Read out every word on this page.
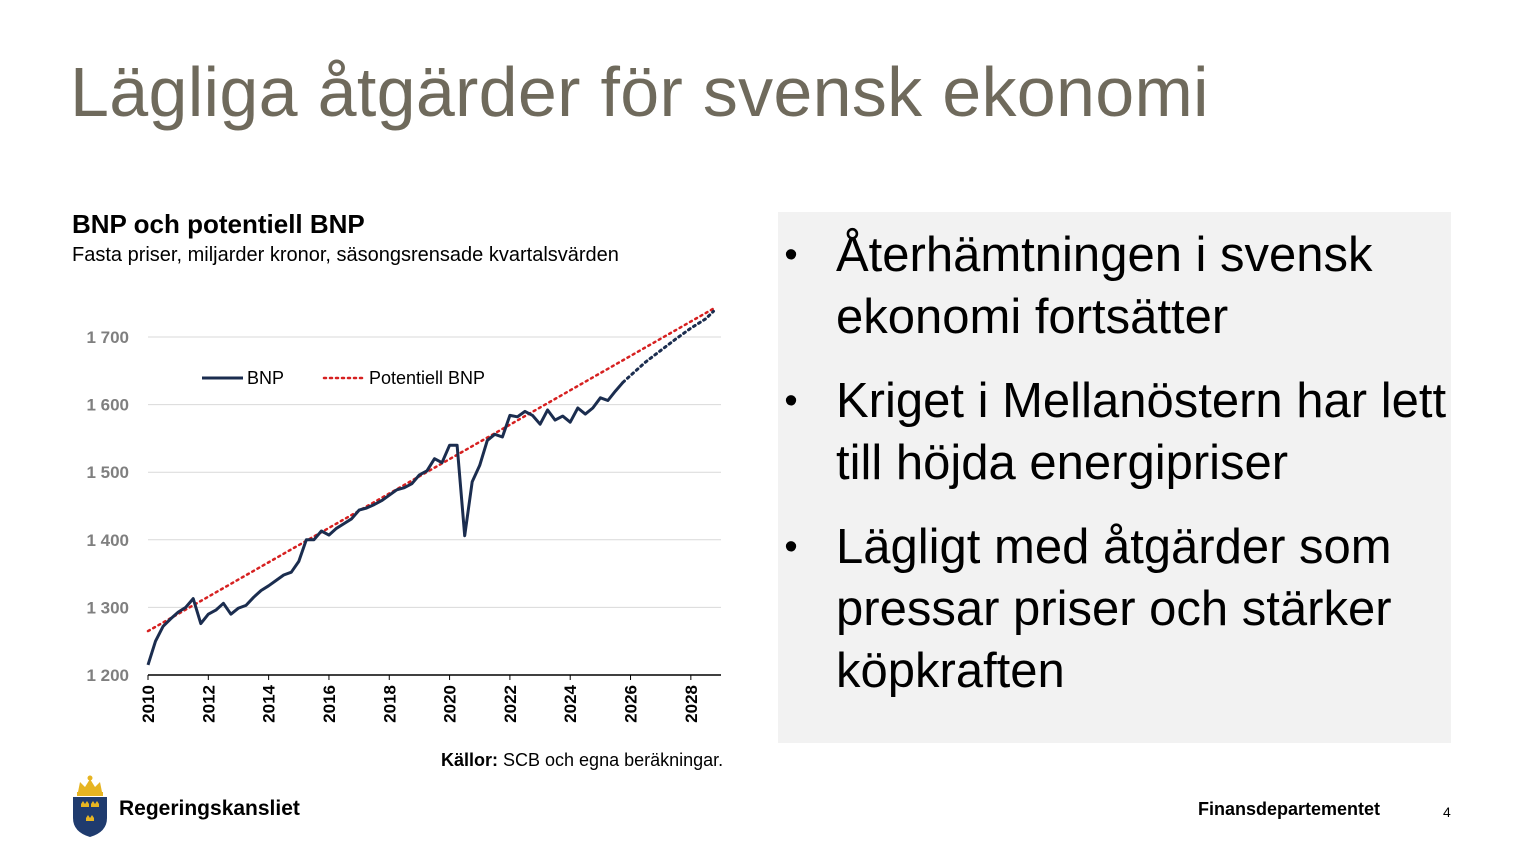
Lägliga åtgärder för svensk ekonomi

BNP och potentiell BNP

Fasta priser, miljarder kronor, säsongsrensade kvartalsvärden

1 200
1 300
1 400
1 500
1 600
1 700
2010 2012 2014 2016 2018 2020 2022 2024 2026 2028
BNP	Potentiell BNP

Källor: SCB och egna beräkningar.

• Återhämtningen i svensk ekonomi fortsätter
• Kriget i Mellanöstern har lett till höjda energipriser
• Lägligt med åtgärder som pressar priser och stärker köpkraften

Regeringskansliet	Finansdepartementet	4
